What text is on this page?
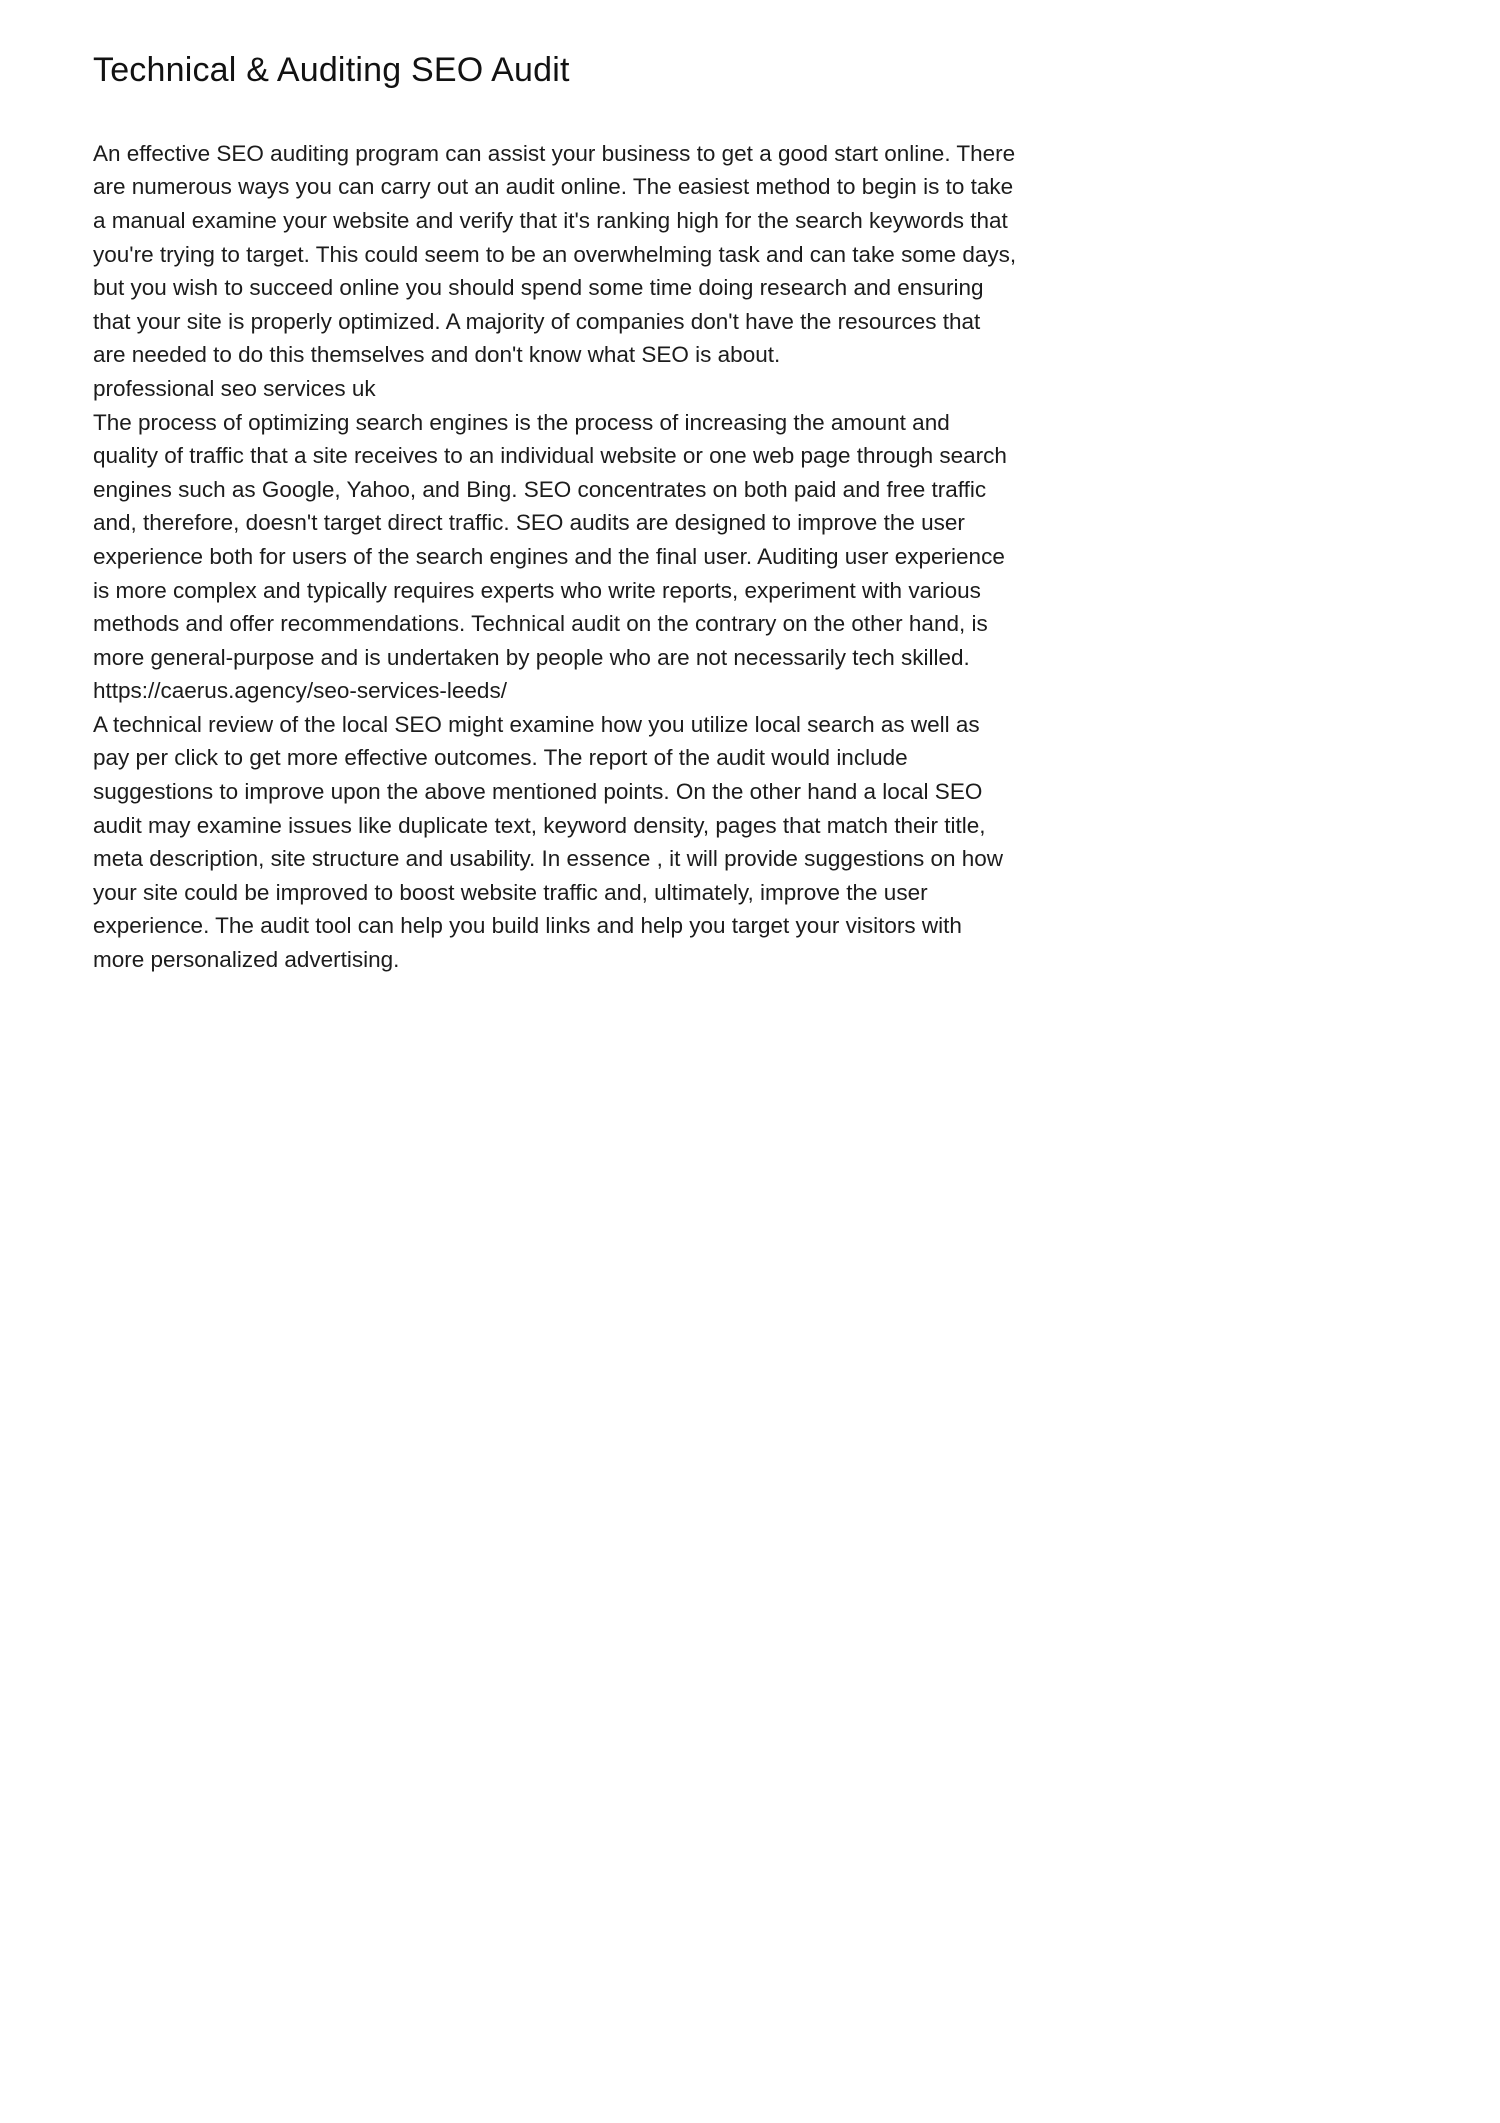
Technical & Auditing SEO Audit

An effective SEO auditing program can assist your business to get a good start online. There are numerous ways you can carry out an audit online. The easiest method to begin is to take a manual examine your website and verify that it's ranking high for the search keywords that you're trying to target. This could seem to be an overwhelming task and can take some days, but you wish to succeed online you should spend some time doing research and ensuring that your site is properly optimized. A majority of companies don't have the resources that are needed to do this themselves and don't know what SEO is about.

professional seo services uk

The process of optimizing search engines is the process of increasing the amount and quality of traffic that a site receives to an individual website or one web page through search engines such as Google, Yahoo, and Bing. SEO concentrates on both paid and free traffic and, therefore, doesn't target direct traffic. SEO audits are designed to improve the user experience both for users of the search engines and the final user. Auditing user experience is more complex and typically requires experts who write reports, experiment with various methods and offer recommendations. Technical audit on the contrary on the other hand, is more general-purpose and is undertaken by people who are not necessarily tech skilled.

https://caerus.agency/seo-services-leeds/

A technical review of the local SEO might examine how you utilize local search as well as pay per click to get more effective outcomes. The report of the audit would include suggestions to improve upon the above mentioned points. On the other hand a local SEO audit may examine issues like duplicate text, keyword density, pages that match their title, meta description, site structure and usability. In essence , it will provide suggestions on how your site could be improved to boost website traffic and, ultimately, improve the user experience. The audit tool can help you build links and help you target your visitors with more personalized advertising.
